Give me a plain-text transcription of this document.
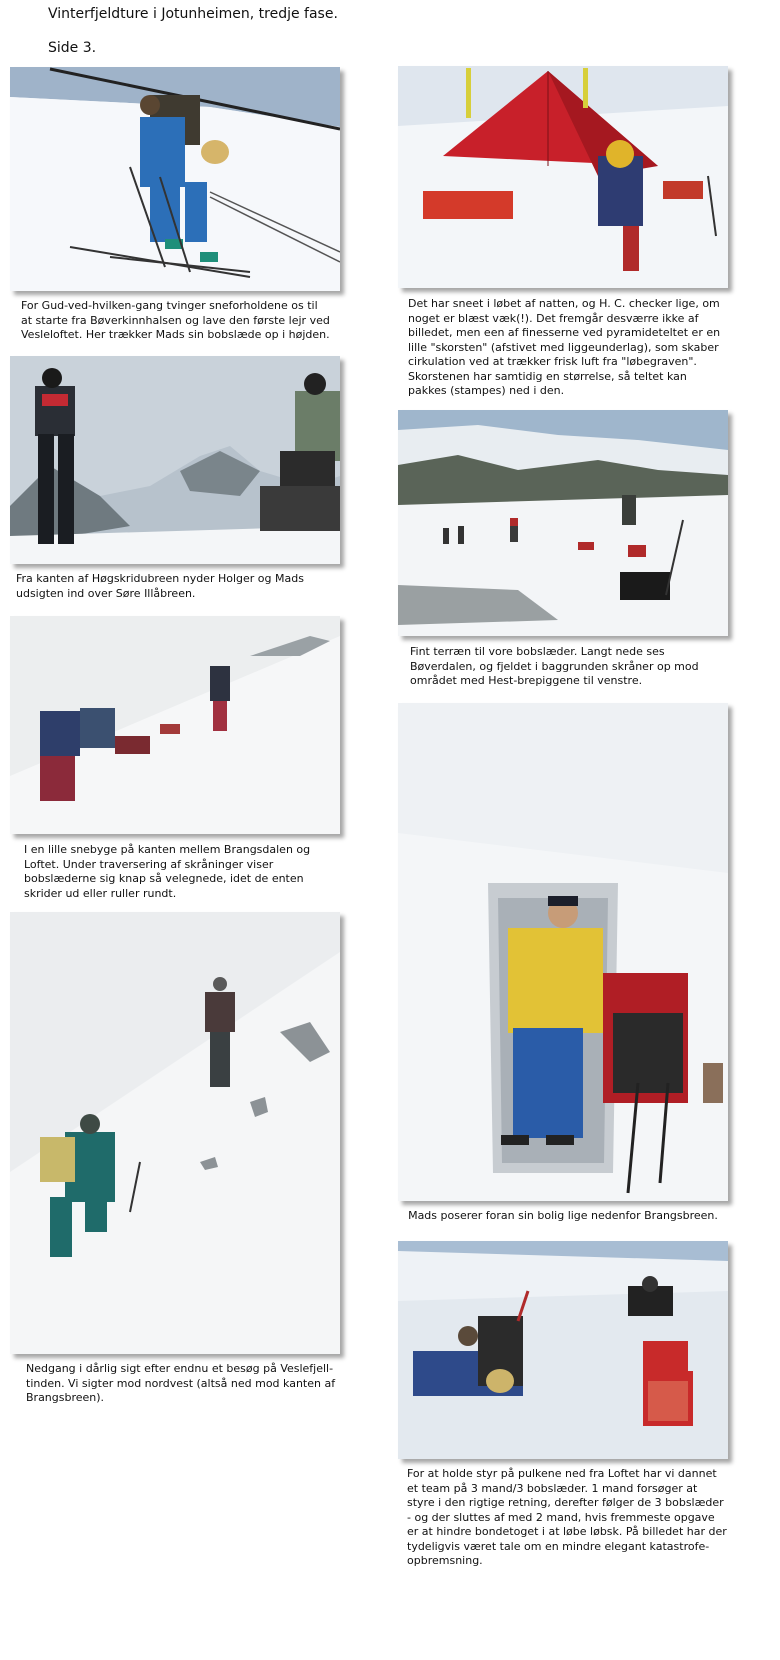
Vinterfjeldture i Jotunheimen, tredje fase.
Side 3.
For Gud-ved-hvilken-gang tvinger sneforholdene os til at starte fra Bøverkinnhalsen og lave den første lejr ved Vesleloftet. Her trækker Mads sin bobslæde op i højden.
Fra kanten af Høgskridubreen nyder Holger og Mads udsigten ind over Søre Illåbreen.
I en lille snebyge på kanten mellem Brangsdalen og Loftet. Under traversering af skråninger viser bobslæderne sig knap så velegnede, idet de enten skrider ud eller ruller rundt.
Nedgang i dårlig sigt efter endnu et besøg på Veslefjell-tinden. Vi sigter mod nordvest (altså ned mod kanten af Brangsbreen).
Det har sneet i løbet af natten, og H. C. checker lige, om noget er blæst væk(!). Det fremgår desværre ikke af billedet, men een af finesserne ved pyramideteltet er en lille "skorsten" (afstivet med liggeunderlag), som skaber cirkulation ved at trækker frisk luft fra "løbegraven". Skorstenen har samtidig en størrelse, så teltet kan pakkes (stampes) ned i den.
Fint terræn til vore bobslæder. Langt nede ses Bøverdalen, og fjeldet i baggrunden skråner op mod området med Hest-brepiggene til venstre.
Mads poserer foran sin bolig lige nedenfor Brangsbreen.
For at holde styr på pulkene ned fra Loftet har vi dannet et team på 3 mand/3 bobslæder. 1 mand forsøger at styre i den rigtige retning, derefter følger de 3 bobslæder - og der sluttes af med 2 mand, hvis fremmeste opgave er at hindre bondetoget i at løbe løbsk. På billedet har der tydeligvis været tale om en mindre elegant katastrofe-opbremsning.
